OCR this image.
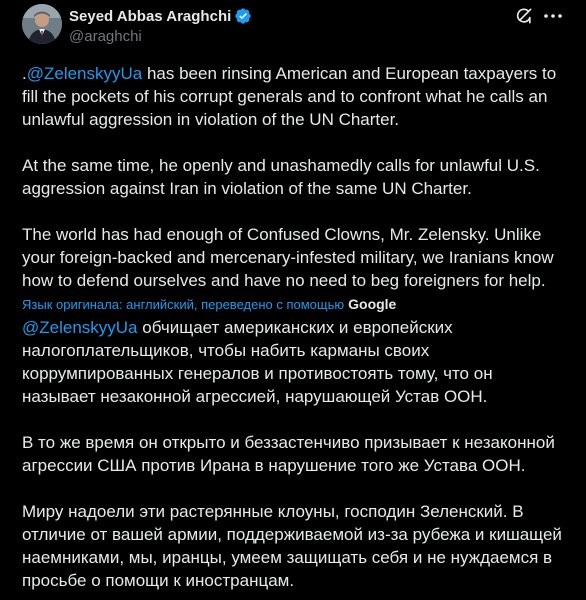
Seyed Abbas Araghchi
@araghchi

.@ZelenskyyUa has been rinsing American and European taxpayers to fill the pockets of his corrupt generals and to confront what he calls an unlawful aggression in violation of the UN Charter.

At the same time, he openly and unashamedly calls for unlawful U.S. aggression against Iran in violation of the same UN Charter.

The world has had enough of Confused Clowns, Mr. Zelensky. Unlike your foreign-backed and mercenary-infested military, we Iranians know how to defend ourselves and have no need to beg foreigners for help.

Язык оригинала: английский, переведено с помощью Google

@ZelenskyyUa обчищает американских и европейских налогоплательщиков, чтобы набить карманы своих коррумпированных генералов и противостоять тому, что он называет незаконной агрессией, нарушающей Устав ООН.

В то же время он открыто и беззастенчиво призывает к незаконной агрессии США против Ирана в нарушение того же Устава ООН.

Миру надоели эти растерянные клоуны, господин Зеленский. В отличие от вашей армии, поддерживаемой из-за рубежа и кишащей наемниками, мы, иранцы, умеем защищать себя и не нуждаемся в просьбе о помощи к иностранцам.
